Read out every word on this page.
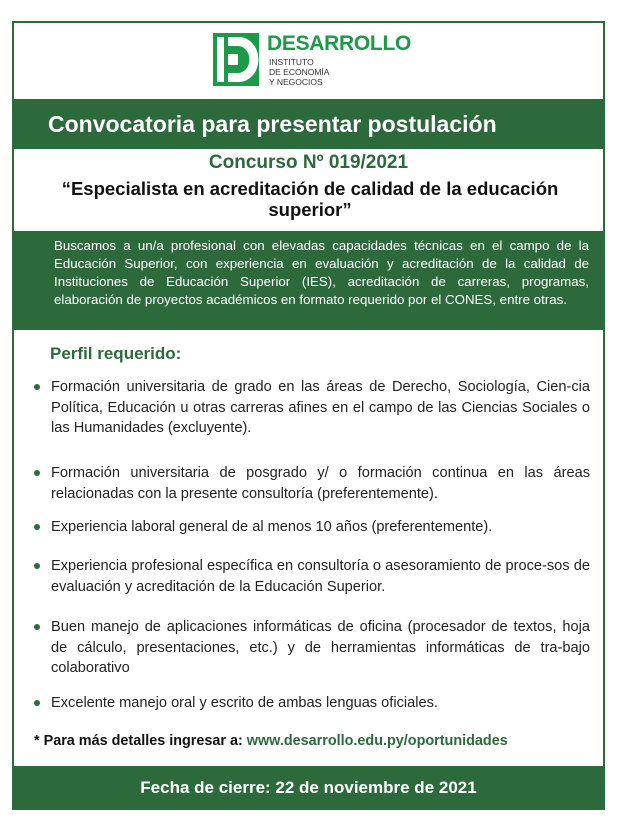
DESARROLLO
INSTITUTO
DE ECONOMÍA
Y NEGOCIOS
Convocatoria para presentar postulación
Concurso Nº 019/2021
“Especialista en acreditación de calidad de la educación superior”
Buscamos a un/a profesional con elevadas capacidades técnicas en el campo de la Educación Superior, con experiencia en evaluación y acreditación de la calidad de Instituciones de Educación Superior (IES), acreditación de carreras, programas, elaboración de proyectos académicos en formato requerido por el CONES, entre otras.
Perfil requerido:
Formación universitaria de grado en las áreas de Derecho, Sociología, Cien-cia Política, Educación u otras carreras afines en el campo de las Ciencias Sociales o las Humanidades (excluyente).
Formación universitaria de posgrado y/ o formación continua en las áreas relacionadas con la presente consultoría (preferentemente).
Experiencia laboral general de al menos 10 años (preferentemente).
Experiencia profesional específica en consultoría o asesoramiento de proce-sos de evaluación y acreditación de la Educación Superior.
Buen manejo de aplicaciones informáticas de oficina (procesador de textos, hoja de cálculo, presentaciones, etc.) y de herramientas informáticas de tra-bajo colaborativo
Excelente manejo oral y escrito de ambas lenguas oficiales.
* Para más detalles ingresar a: www.desarrollo.edu.py/oportunidades
Fecha de cierre: 22 de noviembre de 2021
